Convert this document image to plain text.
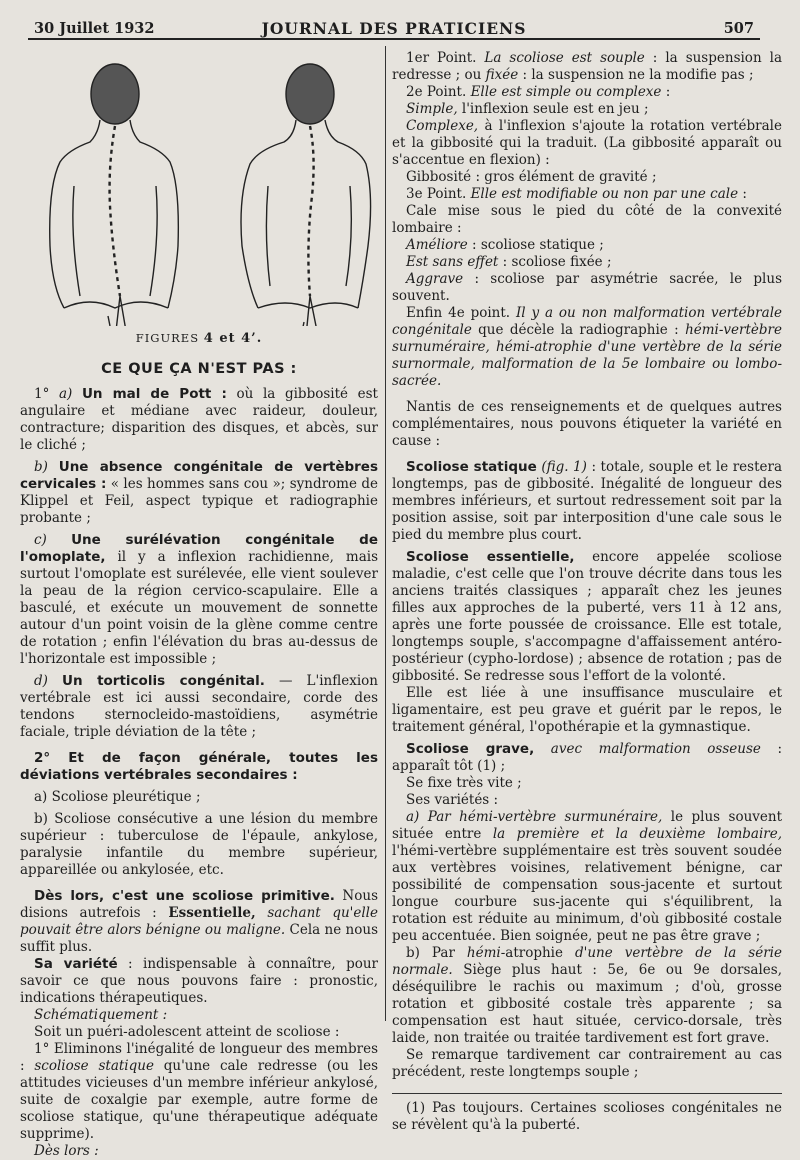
30 Juillet 1932	JOURNAL DES PRATICIENS	507
FIGURES 4 et 4’.
CE QUE ÇA N'EST PAS :

1° a) Un mal de Pott : où la gibbosité est angulaire et médiane avec raideur, douleur, contracture; disparition des disques, et abcès, sur le cliché ;

b) Une absence congénitale de vertèbres cervicales : « les hommes sans cou »; syndrome de Klippel et Feil, aspect typique et radiographie probante ;

c) Une surélévation congénitale de l'omoplate, il y a inflexion rachidienne, mais surtout l'omoplate est surélevée, elle vient soulever la peau de la région cervico-scapulaire. Elle a basculé, et exécute un mouvement de sonnette autour d'un point voisin de la glène comme centre de rotation ; enfin l'élévation du bras au-dessus de l'horizontale est impossible ;

d) Un torticolis congénital. — L'inflexion vertébrale est ici aussi secondaire, corde des tendons sternocleido-mastoïdiens, asymétrie faciale, triple déviation de la tête ;

2° Et de façon générale, toutes les déviations vertébrales secondaires :

a) Scoliose pleurétique ;

b) Scoliose consécutive a une lésion du membre supérieur : tuberculose de l'épaule, ankylose, paralysie infantile du membre supérieur, appareillée ou ankylosée, etc.

Dès lors, c'est une scoliose primitive. Nous disions autrefois : Essentielle, sachant qu'elle pouvait être alors bénigne ou maligne. Cela ne nous suffit plus.

Sa variété : indispensable à connaître, pour savoir ce que nous pouvons faire : pronostic, indications thérapeutiques.

Schématiquement :

Soit un puéri-adolescent atteint de scoliose :

1° Eliminons l'inégalité de longueur des membres : scoliose statique qu'une cale redresse (ou les attitudes vicieuses d'un membre inférieur ankylosé, suite de coxalgie par exemple, autre forme de scoliose statique, qu'une thérapeutique adéquate supprime).

Dès lors :

1er Point. La scoliose est souple : la suspension la redresse ; ou fixée : la suspension ne la modifie pas ;

2e Point. Elle est simple ou complexe :

Simple, l'inflexion seule est en jeu ;

Complexe, à l'inflexion s'ajoute la rotation vertébrale et la gibbosité qui la traduit. (La gibbosité apparaît ou s'accentue en flexion) :

Gibbosité : gros élément de gravité ;

3e Point. Elle est modifiable ou non par une cale :

Cale mise sous le pied du côté de la convexité lombaire :

Améliore : scoliose statique ;

Est sans effet : scoliose fixée ;

Aggrave : scoliose par asymétrie sacrée, le plus souvent.

Enfin 4e point. Il y a ou non malformation vertébrale congénitale que décèle la radiographie : hémi-vertèbre surnuméraire, hémi-atrophie d'une vertèbre de la série surnormale, malformation de la 5e lombaire ou lombo-sacrée.

Nantis de ces renseignements et de quelques autres complémentaires, nous pouvons étiqueter la variété en cause :

Scoliose statique (fig. 1) : totale, souple et le restera longtemps, pas de gibbosité. Inégalité de longueur des membres inférieurs, et surtout redressement soit par la position assise, soit par interposition d'une cale sous le pied du membre plus court.

Scoliose essentielle, encore appelée scoliose maladie, c'est celle que l'on trouve décrite dans tous les anciens traités classiques ; apparaît chez les jeunes filles aux approches de la puberté, vers 11 à 12 ans, après une forte poussée de croissance. Elle est totale, longtemps souple, s'accompagne d'affaissement antéro-postérieur (cypho-lordose) ; absence de rotation ; pas de gibbosité. Se redresse sous l'effort de la volonté.

Elle est liée à une insuffisance musculaire et ligamentaire, est peu grave et guérit par le repos, le traitement général, l'opothérapie et la gymnastique.

Scoliose grave, avec malformation osseuse : apparaît tôt (1) ;

Se fixe très vite ;

Ses variétés :

a) Par hémi-vertèbre surmunéraire, le plus souvent située entre la première et la deuxième lombaire, l'hémi-vertèbre supplémentaire est très souvent soudée aux vertèbres voisines, relativement bénigne, car possibilité de compensation sous-jacente et surtout longue courbure sus-jacente qui s'équilibrent, la rotation est réduite au minimum, d'où gibbosité costale peu accentuée. Bien soignée, peut ne pas être grave ;

b) Par hémi-atrophie d'une vertèbre de la série normale. Siège plus haut : 5e, 6e ou 9e dorsales, déséquilibre le rachis ou maximum ; d'où, grosse rotation et gibbosité costale très apparente ; sa compensation est haut située, cervico-dorsale, très laide, non traitée ou traitée tardivement est fort grave.

Se remarque tardivement car contrairement au cas précédent, reste longtemps souple ;

(1) Pas toujours. Certaines scolioses congénitales ne se révèlent qu'à la puberté.
